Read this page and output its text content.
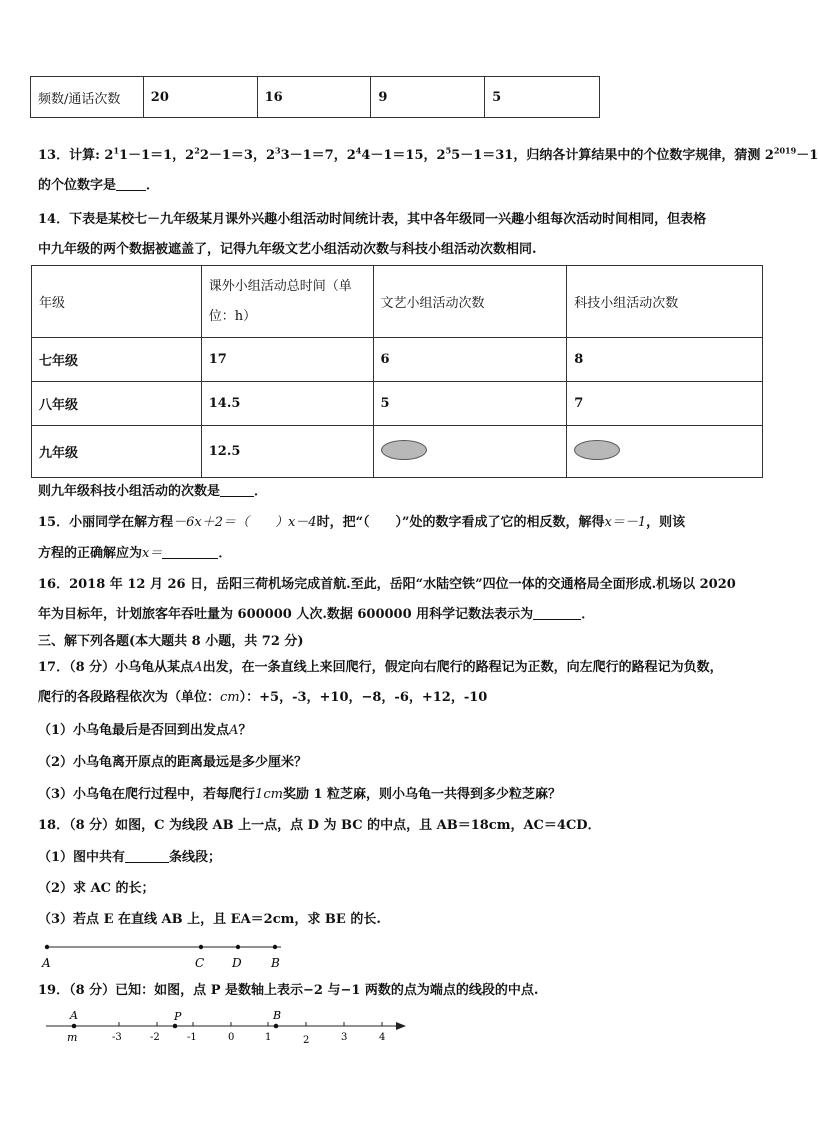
频数/通话次数	20	16	9	5
13．计算: $2^11-1=1$，$2^22-1=3$，$2^33-1=7$，$2^44-1=15$，$2^55-1=31$，归纳各计算结果中的个位数字规律，猜测 $2^{2019}-1$
的个位数字是 ．
14．下表是某校七－九年级某月课外兴趣小组活动时间统计表，其中各年级同一兴趣小组每次活动时间相同，但表格
中九年级的两个数据被遮盖了，记得九年级文艺小组活动次数与科技小组活动次数相同.
年级	课外小组活动总时间（单
位：h）	文艺小组活动次数	科技小组活动次数
七年级	17	6	8
八年级	14.5	5	7
九年级	12.5		
则九年级科技小组活动的次数是	．
15．小丽同学在解方程－6x＋2＝（　　）x－4时，把“（　　）”处的数字看成了它的相反数，解得x＝－1，则该
方程的正确解应为x＝	．
16．2018 年 12 月 26 日，岳阳三荷机场完成首航.至此，岳阳“水陆空铁”四位一体的交通格局全面形成.机场以 2020
年为目标年，计划旅客年吞吐量为 600000 人次.数据 600000 用科学记数法表示为	．
三、解下列各题(本大题共 8 小题，共 72 分)
17．（8 分）小乌龟从某点A出发，在一条直线上来回爬行，假定向右爬行的路程记为正数，向左爬行的路程记为负数，
爬行的各段路程依次为（单位：cm）：+5，-3，+10，−8，-6，+12，-10
（1）小乌龟最后是否回到出发点A？
（2）小乌龟离开原点的距离最远是多少厘米？
（3）小乌龟在爬行过程中，若每爬行1cm奖励 1 粒芝麻，则小乌龟一共得到多少粒芝麻？
18．（8 分）如图，C 为线段 AB 上一点，点 D 为 BC 的中点，且 AB＝18cm，AC＝4CD．
（1）图中共有	条线段；
（2）求 AC 的长；
（3）若点 E 在直线 AB 上，且 EA＝2cm，求 BE 的长.
A	C D B
19．（8 分）已知：如图，点 P 是数轴上表示−2 与−1 两数的点为端点的线段的中点.
A	P	B
m	-3	-2	-1	0	1	2	3	4
